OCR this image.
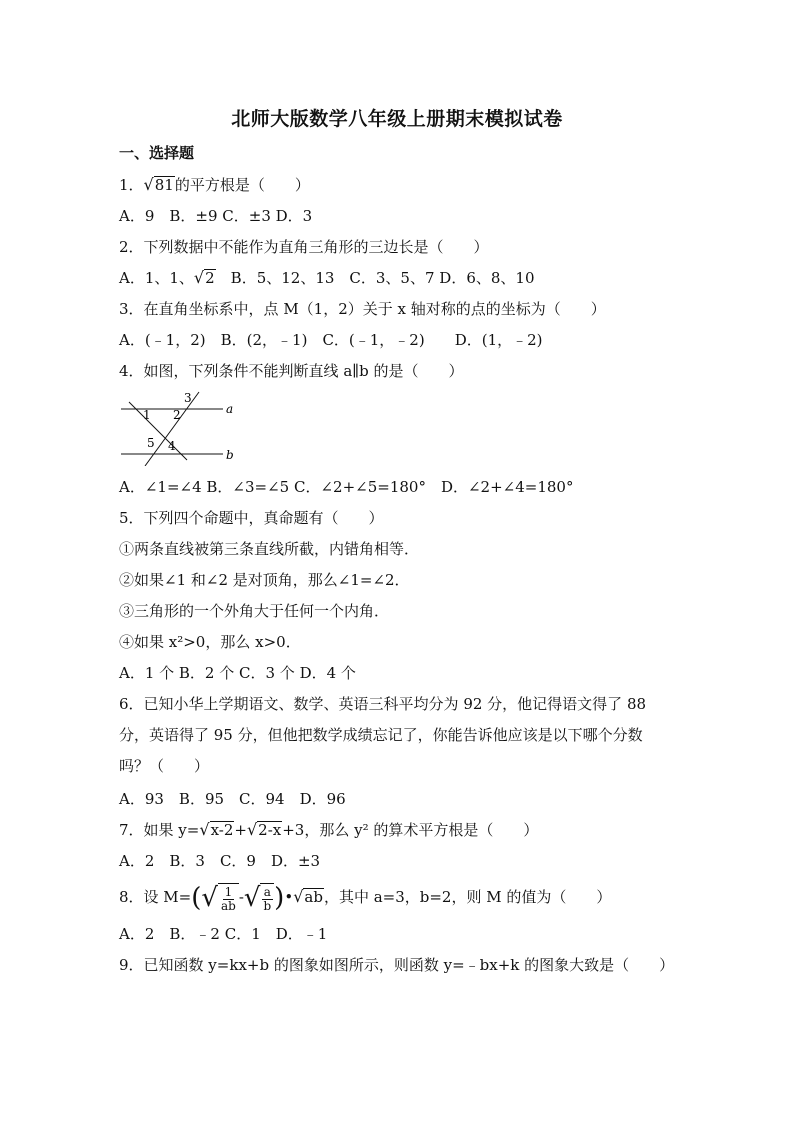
北师大版数学八年级上册期末模拟试卷
一、选择题
1．√81的平方根是（　　）
A．9　B．±9 C．±3 D．3
2．下列数据中不能作为直角三角形的三边长是（　　）
A．1、1、√2　B．5、12、13　C．3、5、7 D．6、8、10
3．在直角坐标系中，点 M（1，2）关于 x 轴对称的点的坐标为（　　）
A．(﹣1，2)　B．(2，﹣1)　C．(﹣1，﹣2)　　D．(1，﹣2)
4．如图，下列条件不能判断直线 a∥b 的是（　　）
1 2
3
4
5
a
b
A．∠1=∠4 B．∠3=∠5 C．∠2+∠5=180°　D．∠2+∠4=180°
5．下列四个命题中，真命题有（　　）
①两条直线被第三条直线所截，内错角相等．
②如果∠1 和∠2 是对顶角，那么∠1=∠2．
③三角形的一个外角大于任何一个内角．
④如果 x²>0，那么 x>0．
A．1 个 B．2 个 C．3 个 D．4 个
6．已知小华上学期语文、数学、英语三科平均分为 92 分，他记得语文得了 88
分，英语得了 95 分，但他把数学成绩忘记了，你能告诉他应该是以下哪个分数
吗？（　　）
A．93　B．95　C．94　D．96
7．如果 y=√x-2+√2-x+3，那么 y² 的算术平方根是（　　）
A．2　B．3　C．9　D．±3
8．设 M=( √ $\frac{1}{ab}$ - √ $\frac{a}{b}$ )•√ab，其中 a=3，b=2，则 M 的值为（　　）
A．2　B．﹣2 C．1　D．﹣1
9．已知函数 y=kx+b 的图象如图所示，则函数 y=﹣bx+k 的图象大致是（　　）
